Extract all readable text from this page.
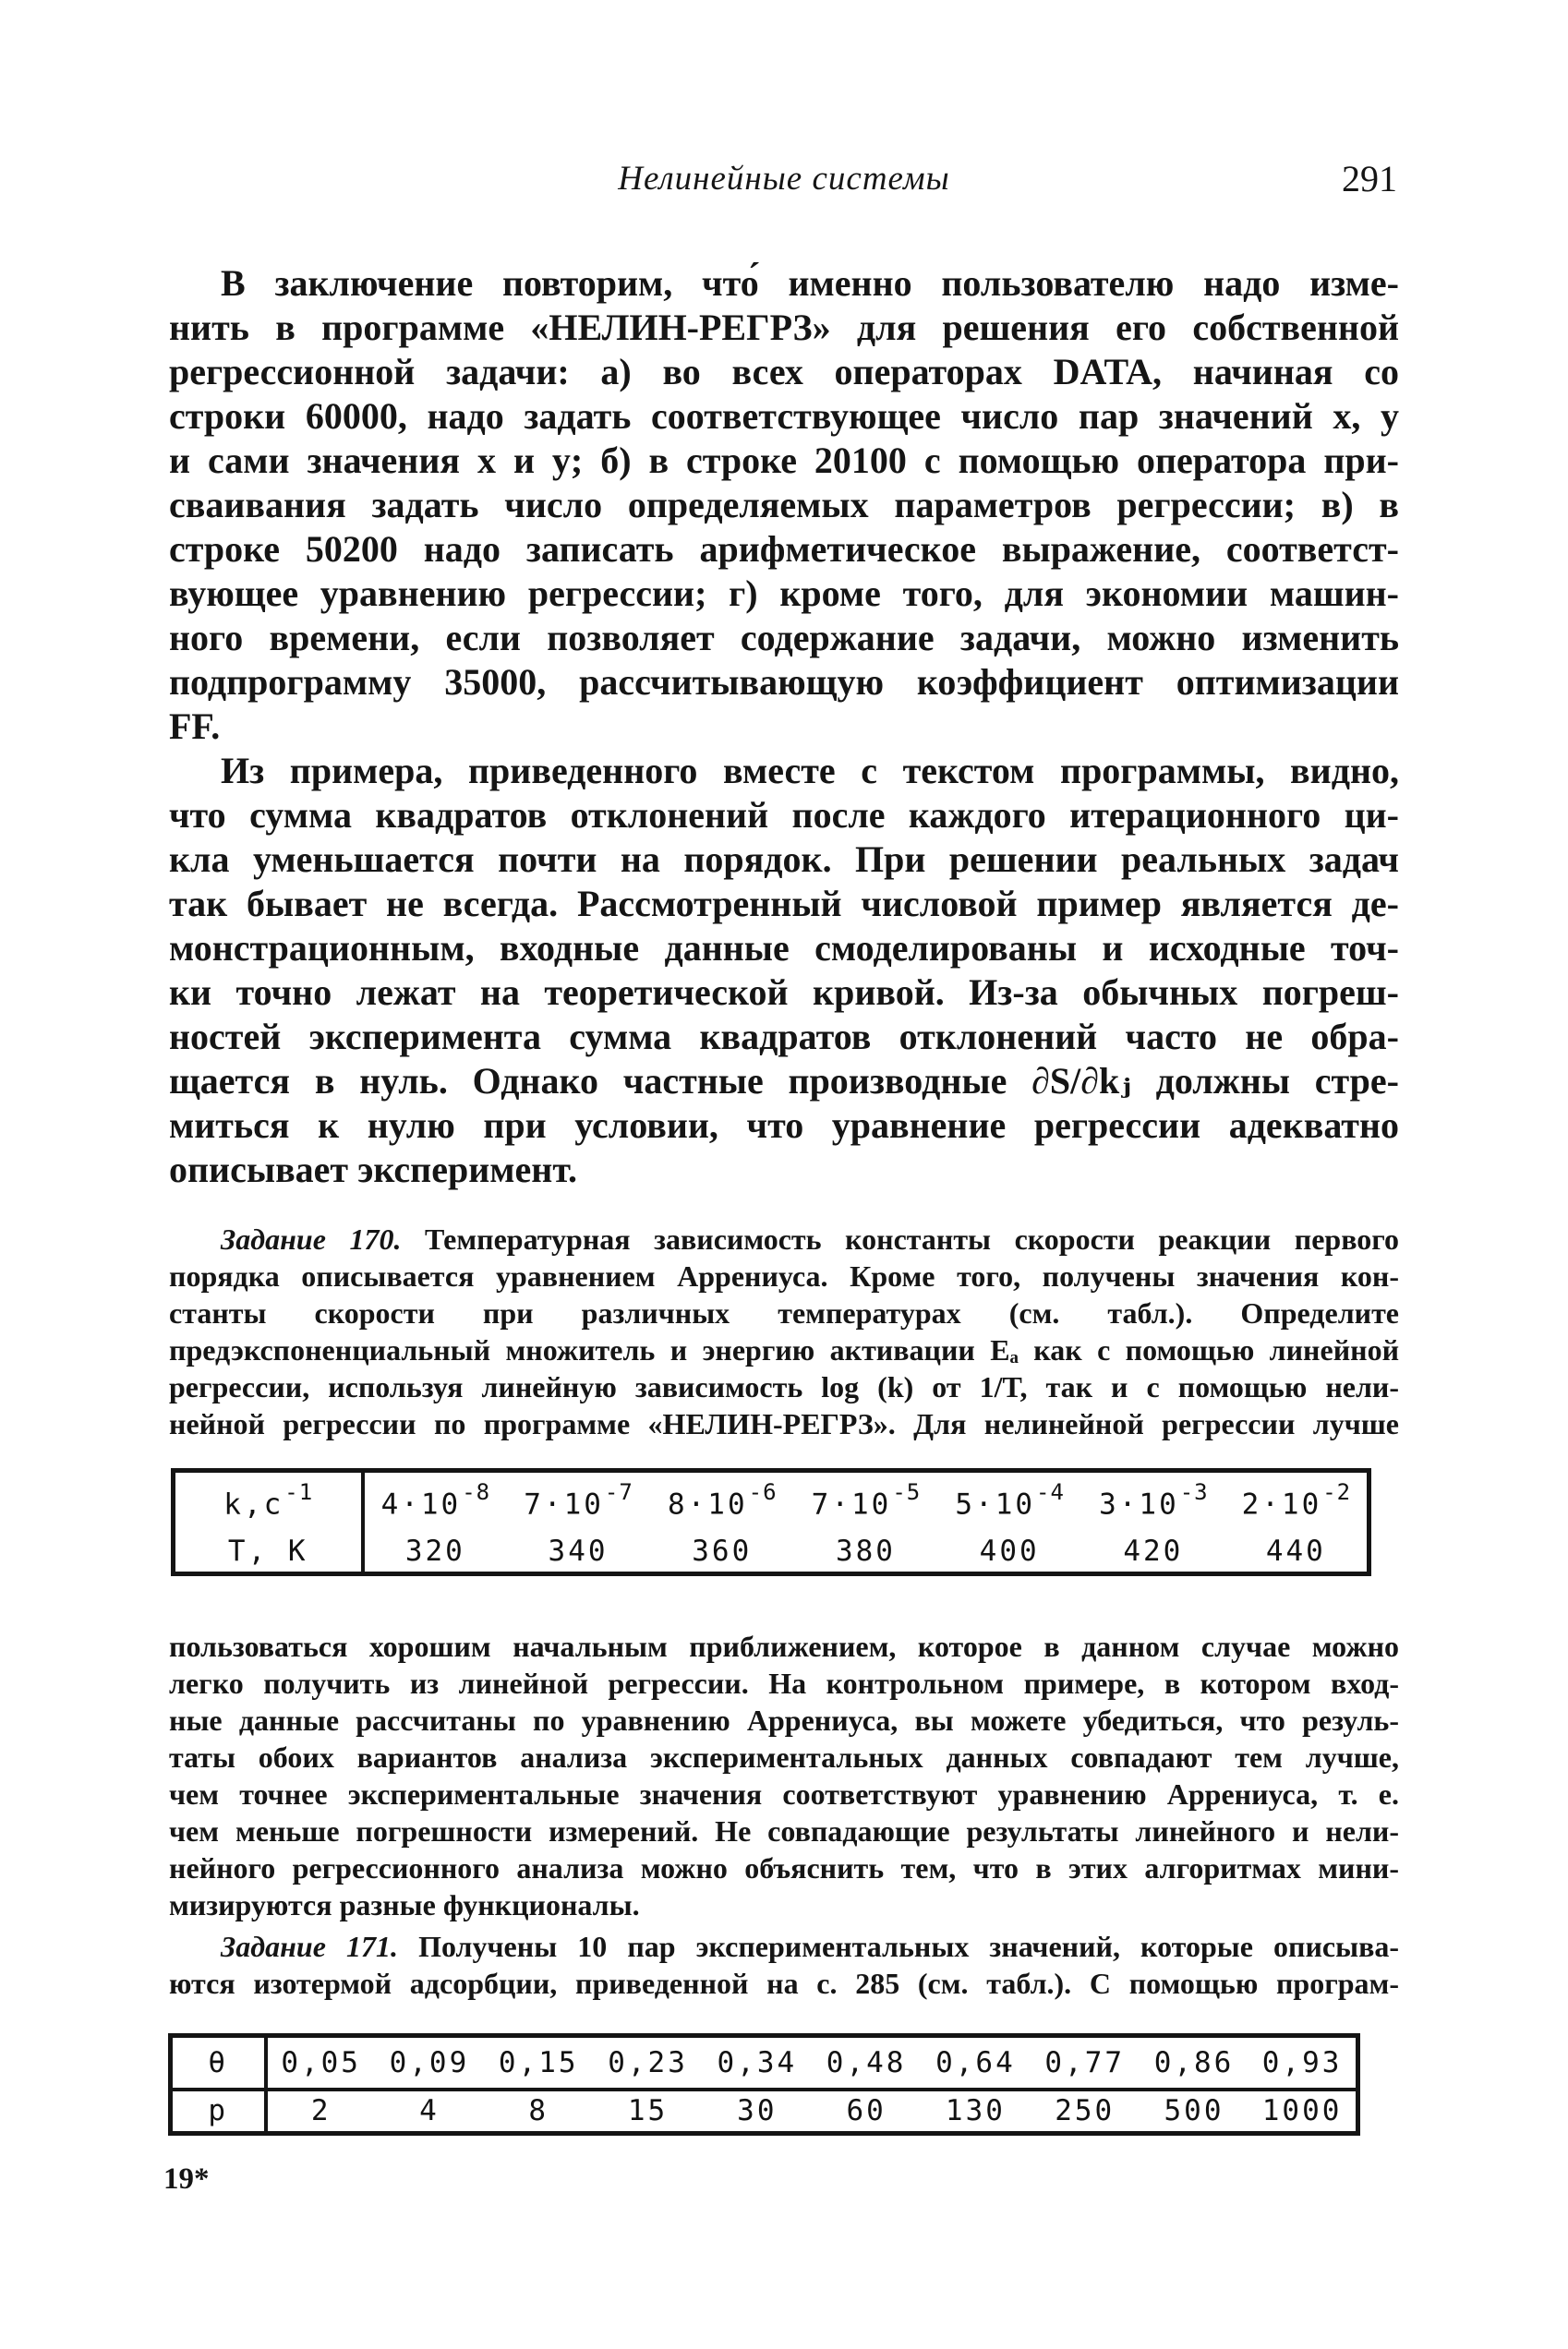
Нелинейные системы	291
В заключение повторим, что́ именно пользователю надо изме-
нить в программе «НЕЛИН-РЕГРЗ» для решения его собственной
регрессионной задачи: а) во всех операторах DATA, начиная со
строки 60000, надо задать соответствующее число пар значений x, y
и сами значения x и y; б) в строке 20100 с помощью оператора при-
сваивания задать число определяемых параметров регрессии; в) в
строке 50200 надо записать арифметическое выражение, соответст-
вующее уравнению регрессии; г) кроме того, для экономии машин-
ного времени, если позволяет содержание задачи, можно изменить
подпрограмму 35000, рассчитывающую коэффициент оптимизации
FF.
Из примера, приведенного вместе с текстом программы, видно,
что сумма квадратов отклонений после каждого итерационного ци-
кла уменьшается почти на порядок. При решении реальных задач
так бывает не всегда. Рассмотренный числовой пример является де-
монстрационным, входные данные смоделированы и исходные точ-
ки точно лежат на теоретической кривой. Из-за обычных погреш-
ностей эксперимента сумма квадратов отклонений часто не обра-
щается в нуль. Однако частные производные ∂S/∂kⱼ должны стре-
миться к нулю при условии, что уравнение регрессии адекватно
описывает эксперимент.
Задание 170. Температурная зависимость константы скорости реакции первого
порядка описывается уравнением Аррениуса. Кроме того, получены значения кон-
станты скорости при различных температурах (см. табл.). Определите
предэкспоненциальный множитель и энергию активации Eₐ как с помощью линейной
регрессии, используя линейную зависимость log (k) от 1/T, так и с помощью нели-
нейной регрессии по программе «НЕЛИН-РЕГРЗ». Для нелинейной регрессии лучше
$k,c^{-1}$	$4\cdot 10^{-8}$	$7\cdot 10^{-7}$	$8\cdot 10^{-6}$	$7\cdot 10^{-5}$	$5\cdot 10^{-4}$	$3\cdot 10^{-3}$	$2\cdot 10^{-2}$
T, K	320	340	360	380	400	420	440
пользоваться хорошим начальным приближением, которое в данном случае можно
легко получить из линейной регрессии. На контрольном примере, в котором вход-
ные данные рассчитаны по уравнению Аррениуса, вы можете убедиться, что резуль-
таты обоих вариантов анализа экспериментальных данных совпадают тем лучше,
чем точнее экспериментальные значения соответствуют уравнению Аррениуса, т. е.
чем меньше погрешности измерений. Не совпадающие результаты линейного и нели-
нейного регрессионного анализа можно объяснить тем, что в этих алгоритмах мини-
мизируются разные функционалы.
Задание 171. Получены 10 пар экспериментальных значений, которые описыва-
ются изотермой адсорбции, приведенной на с. 285 (см. табл.). С помощью програм-
θ	0,05	0,09	0,15	0,23	0,34	0,48	0,64	0,77	0,86	0,93
p	2	4	8	15	30	60	130	250	500	1000
19*
